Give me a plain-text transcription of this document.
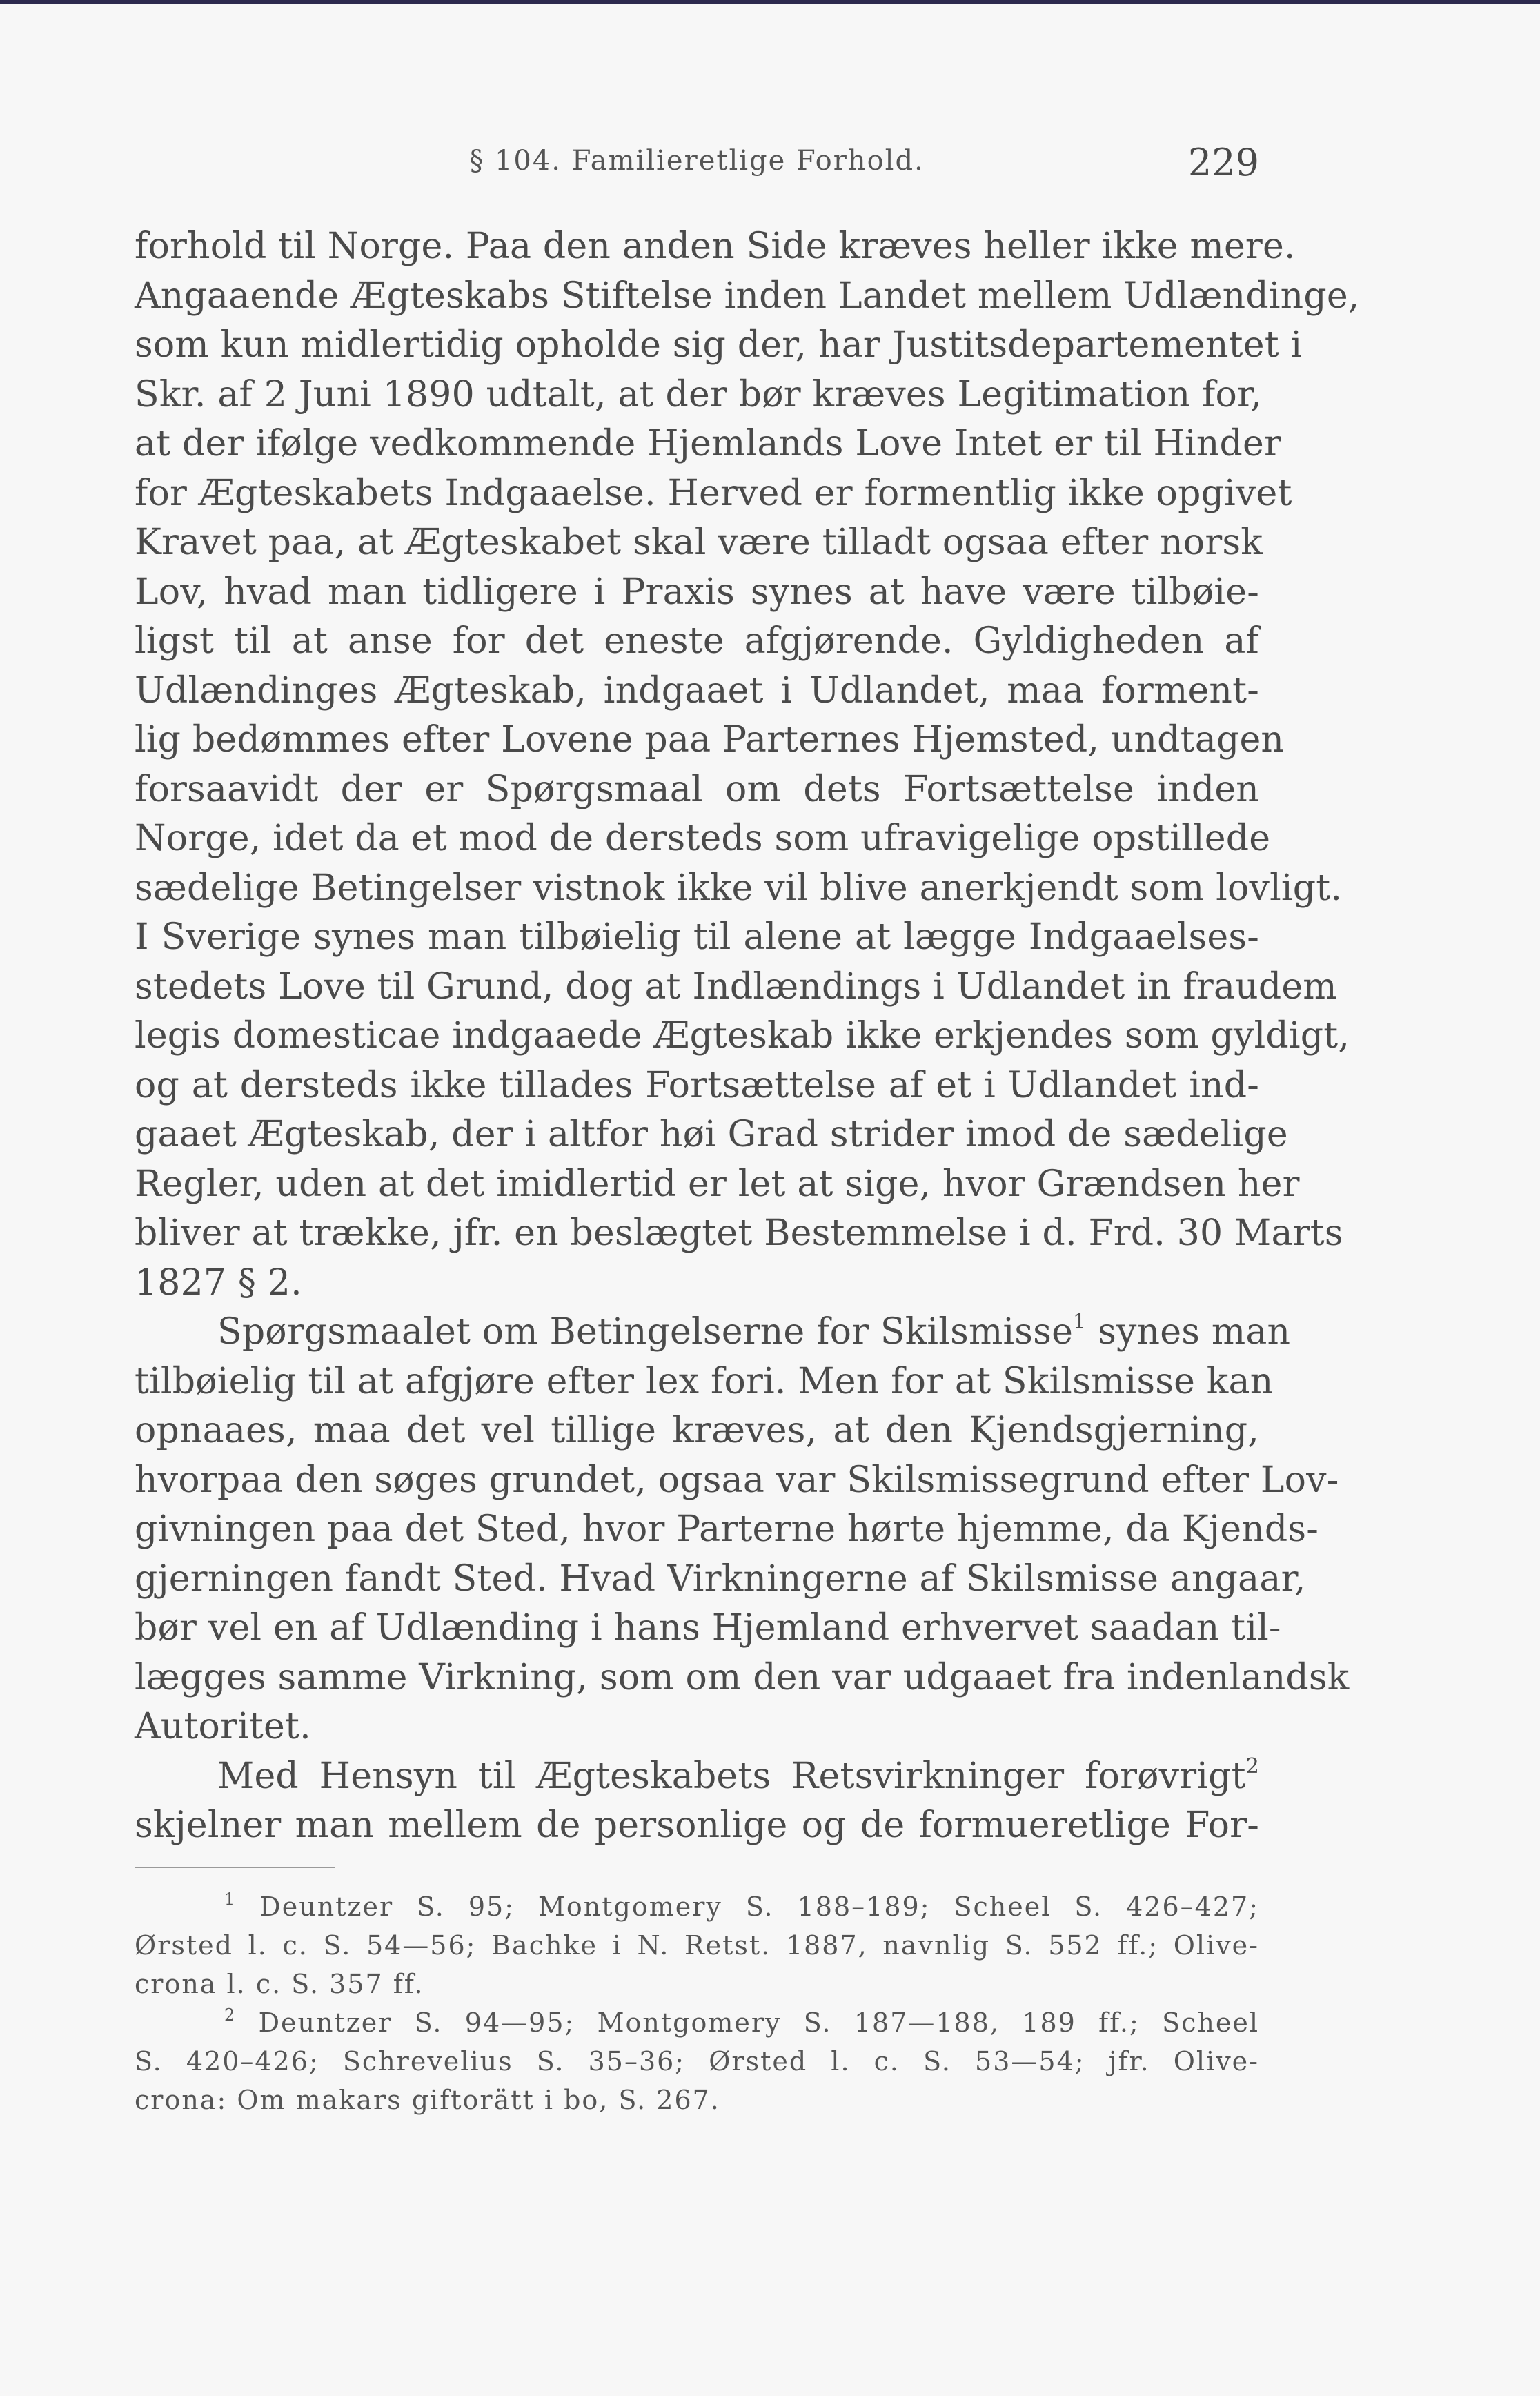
§ 104. Familieretlige Forhold.	229
forhold til Norge. Paa den anden Side kræves heller ikke mere.
Angaaende Ægteskabs Stiftelse inden Landet mellem Udlændinge,
som kun midlertidig opholde sig der, har Justitsdepartementet i
Skr. af 2 Juni 1890 udtalt, at der bør kræves Legitimation for,
at der ifølge vedkommende Hjemlands Love Intet er til Hinder
for Ægteskabets Indgaaelse. Herved er formentlig ikke opgivet
Kravet paa, at Ægteskabet skal være tilladt ogsaa efter norsk
Lov, hvad man tidligere i Praxis synes at have være tilbøie-
ligst til at anse for det eneste afgjørende. Gyldigheden af
Udlændinges Ægteskab, indgaaet i Udlandet, maa forment-
lig bedømmes efter Lovene paa Parternes Hjemsted, undtagen
forsaavidt der er Spørgsmaal om dets Fortsættelse inden
Norge, idet da et mod de dersteds som ufravigelige opstillede
sædelige Betingelser vistnok ikke vil blive anerkjendt som lovligt.
I Sverige synes man tilbøielig til alene at lægge Indgaaelses-
stedets Love til Grund, dog at Indlændings i Udlandet in fraudem
legis domesticae indgaaede Ægteskab ikke erkjendes som gyldigt,
og at dersteds ikke tillades Fortsættelse af et i Udlandet ind-
gaaet Ægteskab, der i altfor høi Grad strider imod de sædelige
Regler, uden at det imidlertid er let at sige, hvor Grændsen her
bliver at trække, jfr. en beslægtet Bestemmelse i d. Frd. 30 Marts
1827 § 2.
Spørgsmaalet om Betingelserne for Skilsmisse$^1$ synes man
tilbøielig til at afgjøre efter lex fori. Men for at Skilsmisse kan
opnaaes, maa det vel tillige kræves, at den Kjendsgjerning,
hvorpaa den søges grundet, ogsaa var Skilsmissegrund efter Lov-
givningen paa det Sted, hvor Parterne hørte hjemme, da Kjends-
gjerningen fandt Sted. Hvad Virkningerne af Skilsmisse angaar,
bør vel en af Udlænding i hans Hjemland erhvervet saadan til-
lægges samme Virkning, som om den var udgaaet fra indenlandsk
Autoritet.
Med Hensyn til Ægteskabets Retsvirkninger forøvrigt$^2$
skjelner man mellem de personlige og de formueretlige For-
$^1$ Deuntzer S. 95; Montgomery S. 188–189; Scheel S. 426–427;
Ørsted l. c. S. 54—56; Bachke i N. Retst. 1887, navnlig S. 552 ff.; Olive-
crona l. c. S. 357 ff.
$^2$ Deuntzer S. 94—95; Montgomery S. 187—188, 189 ff.; Scheel
S. 420–426; Schrevelius S. 35–36; Ørsted l. c. S. 53—54; jfr. Olive-
crona: Om makars giftorätt i bo, S. 267.
